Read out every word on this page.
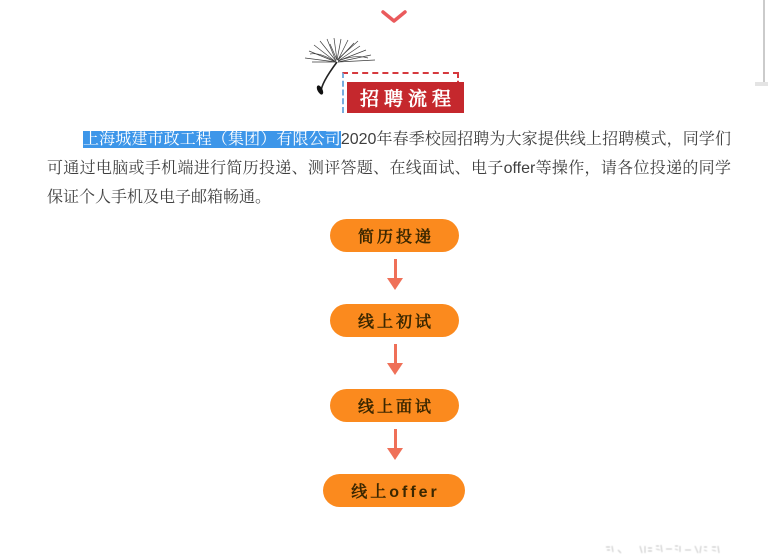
招聘流程

上海城建市政工程（集团）有限公司2020年春季校园招聘为大家提供线上招聘模式，同学们可通过电脑或手机端进行简历投递、测评答题、在线面试、电子offer等操作，请各位投递的同学保证个人手机及电子邮箱畅通。

简历投递
线上初试
线上面试
线上offer
